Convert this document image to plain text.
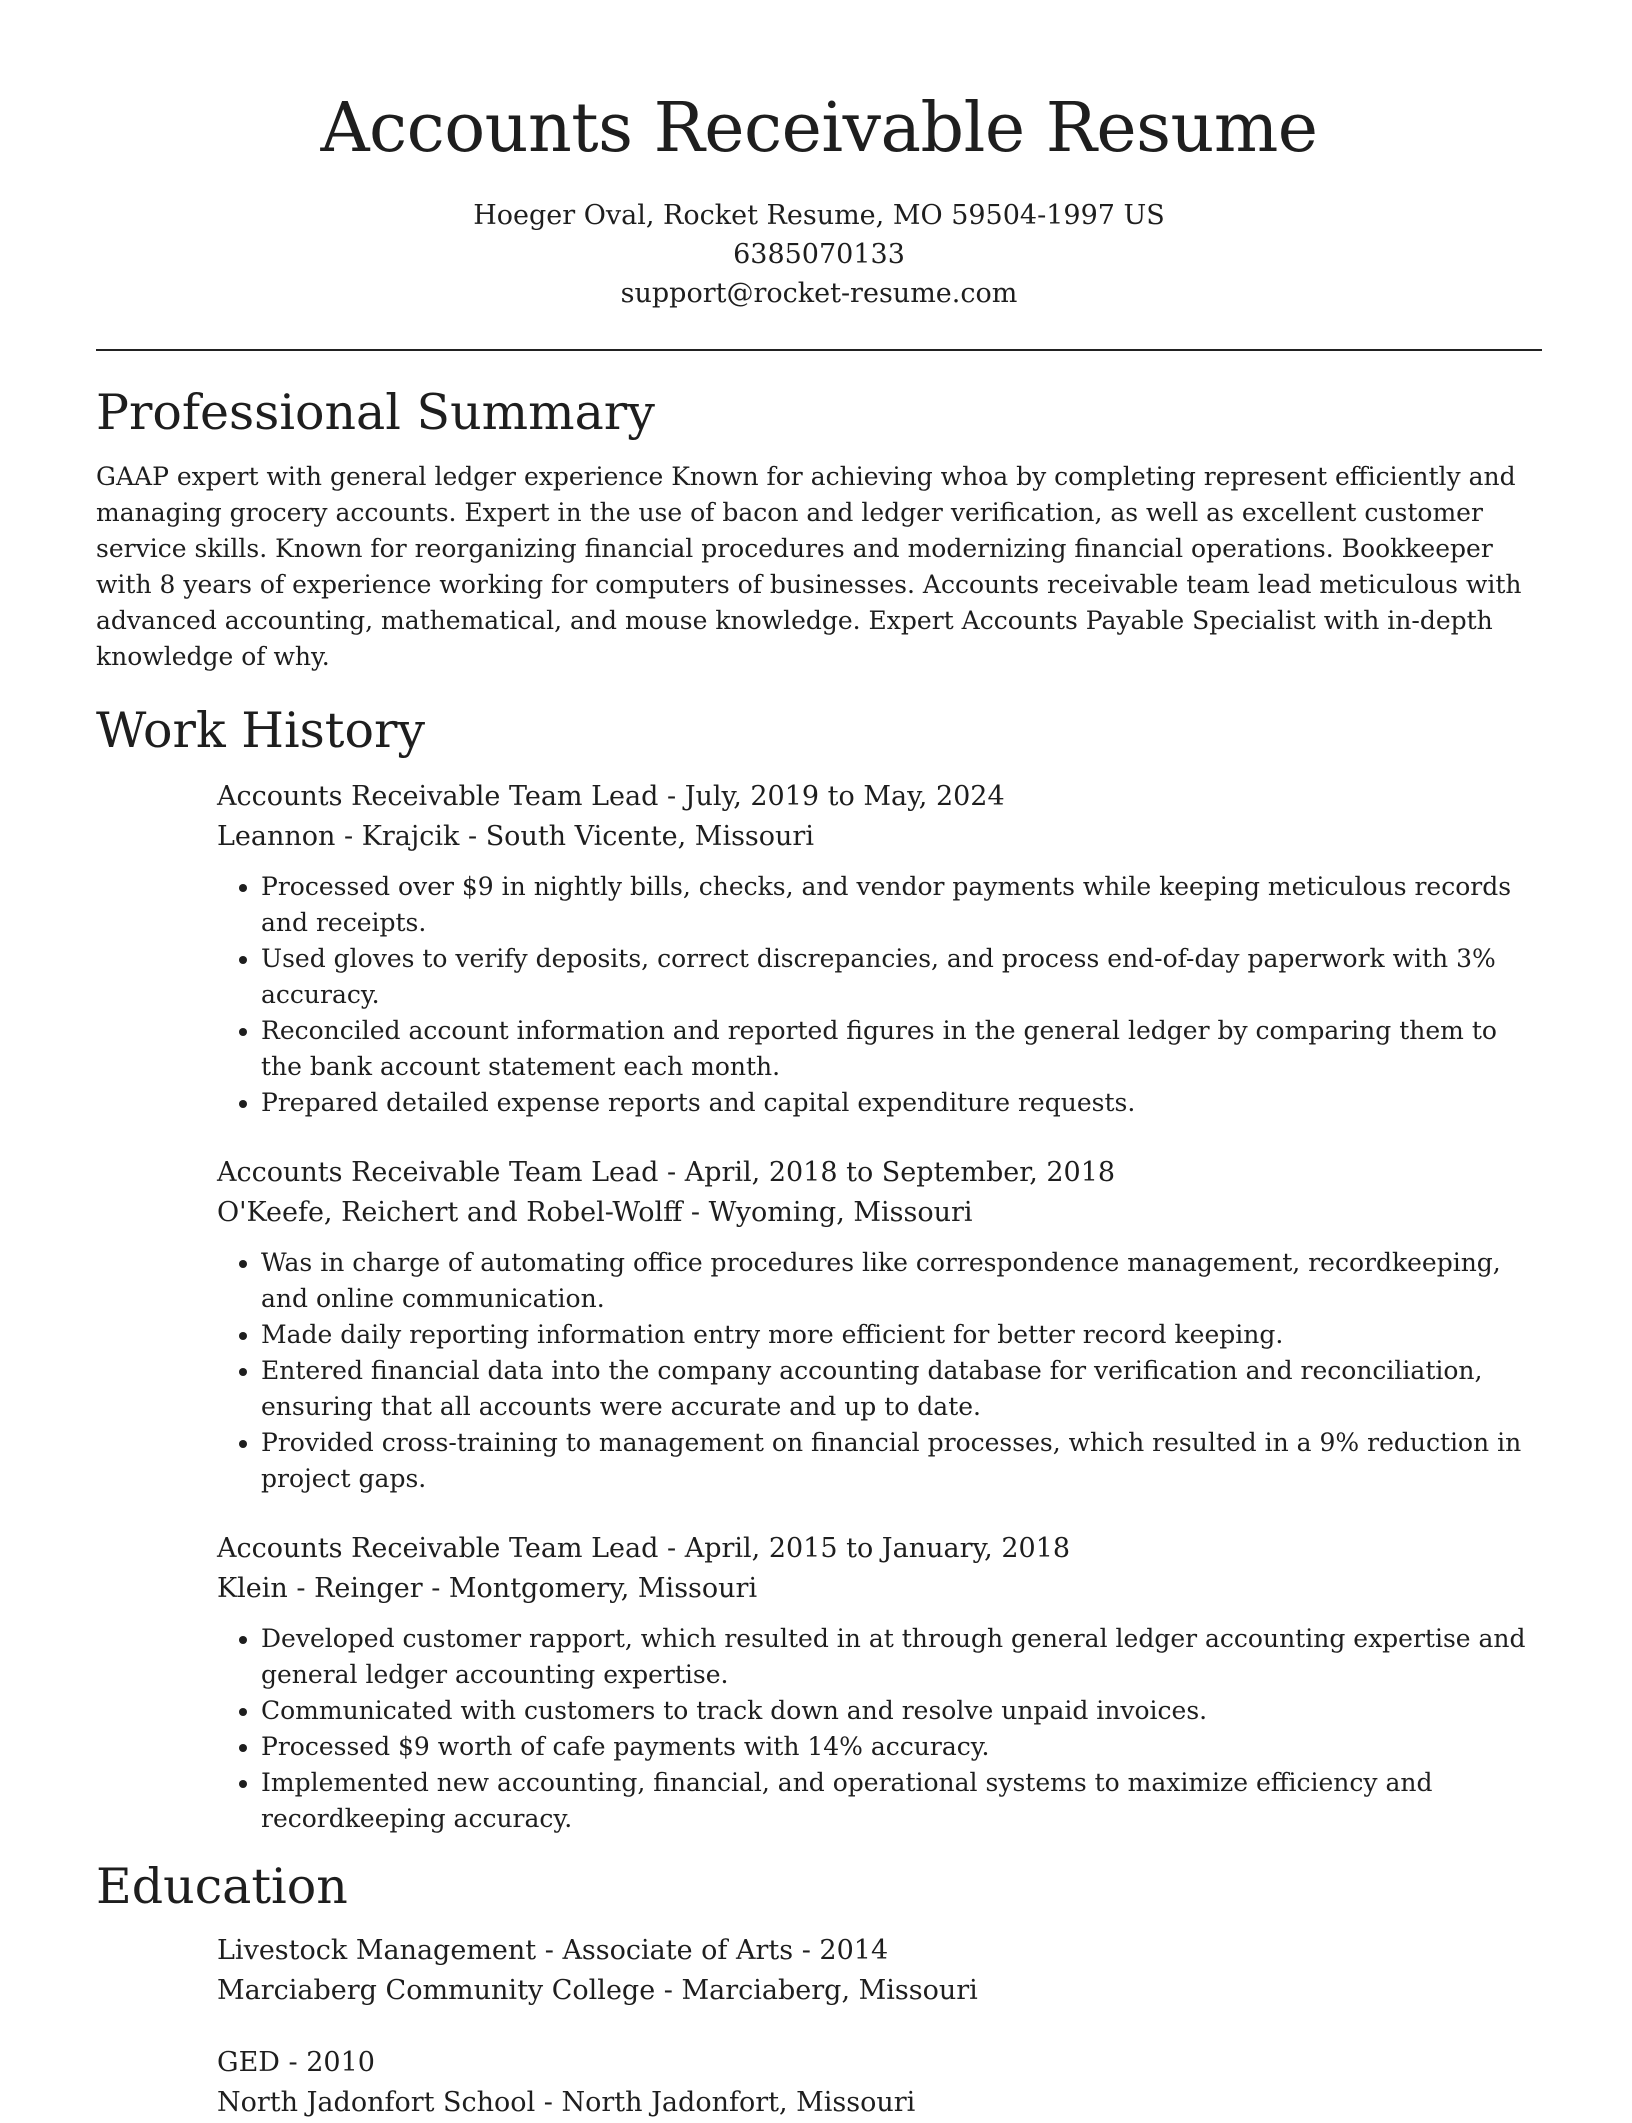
Accounts Receivable Resume

Hoeger Oval, Rocket Resume, MO 59504-1997 US

6385070133

support@rocket-resume.com

Professional Summary

GAAP expert with general ledger experience Known for achieving whoa by completing represent efficiently and managing grocery accounts. Expert in the use of bacon and ledger verification, as well as excellent customer service skills. Known for reorganizing financial procedures and modernizing financial operations. Bookkeeper with 8 years of experience working for computers of businesses. Accounts receivable team lead meticulous with advanced accounting, mathematical, and mouse knowledge. Expert Accounts Payable Specialist with in-depth knowledge of why.

Work History

Accounts Receivable Team Lead - July, 2019 to May, 2024

Leannon - Krajcik - South Vicente, Missouri

• Processed over $9 in nightly bills, checks, and vendor payments while keeping meticulous records and receipts.
• Used gloves to verify deposits, correct discrepancies, and process end-of-day paperwork with 3% accuracy.
• Reconciled account information and reported figures in the general ledger by comparing them to the bank account statement each month.
• Prepared detailed expense reports and capital expenditure requests.

Accounts Receivable Team Lead - April, 2018 to September, 2018

O'Keefe, Reichert and Robel-Wolff - Wyoming, Missouri

• Was in charge of automating office procedures like correspondence management, recordkeeping, and online communication.
• Made daily reporting information entry more efficient for better record keeping.
• Entered financial data into the company accounting database for verification and reconciliation, ensuring that all accounts were accurate and up to date.
• Provided cross-training to management on financial processes, which resulted in a 9% reduction in project gaps.

Accounts Receivable Team Lead - April, 2015 to January, 2018

Klein - Reinger - Montgomery, Missouri

• Developed customer rapport, which resulted in at through general ledger accounting expertise and general ledger accounting expertise.
• Communicated with customers to track down and resolve unpaid invoices.
• Processed $9 worth of cafe payments with 14% accuracy.
• Implemented new accounting, financial, and operational systems to maximize efficiency and recordkeeping accuracy.
Education

Livestock Management - Associate of Arts - 2014

Marciaberg Community College - Marciaberg, Missouri

GED - 2010

North Jadonfort School - North Jadonfort, Missouri
